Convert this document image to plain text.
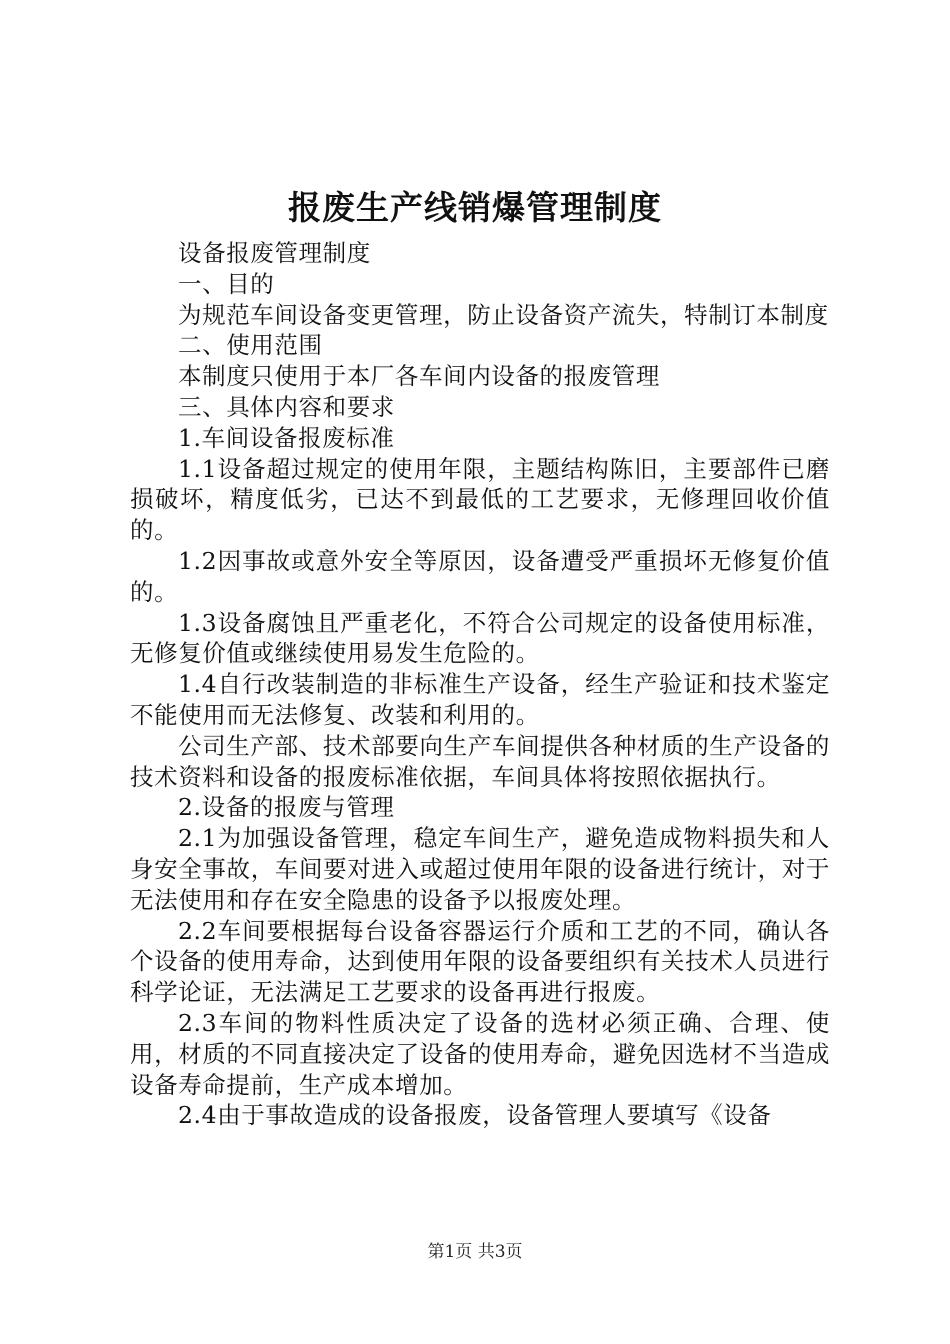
报废生产线销爆管理制度

设备报废管理制度

一、目的

为规范车间设备变更管理，防止设备资产流失，特制订本制度

二、使用范围

本制度只使用于本厂各车间内设备的报废管理

三、具体内容和要求

1.车间设备报废标准

1.1设备超过规定的使用年限，主题结构陈旧，主要部件已磨损破坏，精度低劣，已达不到最低的工艺要求，无修理回收价值的。

1.2因事故或意外安全等原因，设备遭受严重损坏无修复价值的。

1.3设备腐蚀且严重老化，不符合公司规定的设备使用标准，无修复价值或继续使用易发生危险的。

1.4自行改装制造的非标准生产设备，经生产验证和技术鉴定不能使用而无法修复、改装和利用的。

公司生产部、技术部要向生产车间提供各种材质的生产设备的技术资料和设备的报废标准依据，车间具体将按照依据执行。

2.设备的报废与管理

2.1为加强设备管理，稳定车间生产，避免造成物料损失和人身安全事故，车间要对进入或超过使用年限的设备进行统计，对于无法使用和存在安全隐患的设备予以报废处理。

2.2车间要根据每台设备容器运行介质和工艺的不同，确认各个设备的使用寿命，达到使用年限的设备要组织有关技术人员进行科学论证，无法满足工艺要求的设备再进行报废。

2.3车间的物料性质决定了设备的选材必须正确、合理、使用，材质的不同直接决定了设备的使用寿命，避免因选材不当造成设备寿命提前，生产成本增加。

2.4由于事故造成的设备报废，设备管理人要填写《设备

第1页 共3页
